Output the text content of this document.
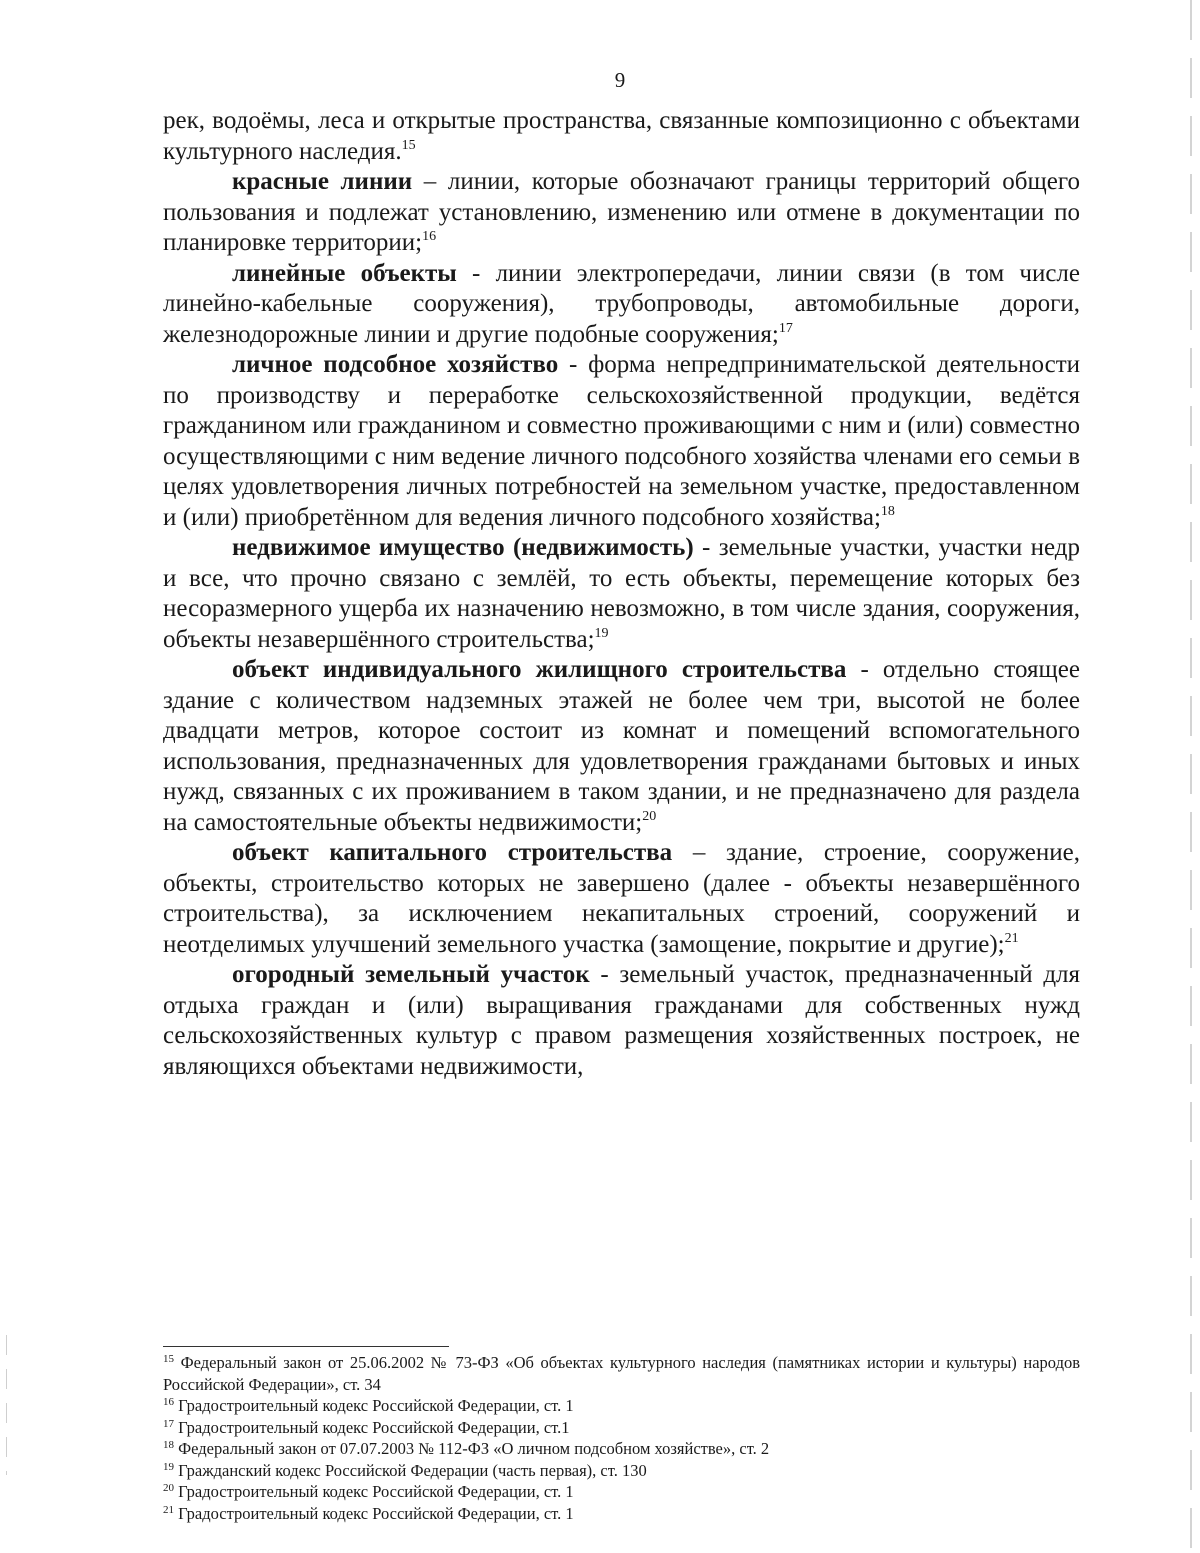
9

рек, водоёмы, леса и открытые пространства, связанные композиционно с объектами культурного наследия.$^{15}$

красные линии – линии, которые обозначают границы территорий общего пользования и подлежат установлению, изменению или отмене в документации по планировке территории;$^{16}$

линейные объекты - линии электропередачи, линии связи (в том числе линейно-кабельные сооружения), трубопроводы, автомобильные дороги, железнодорожные линии и другие подобные сооружения;$^{17}$

личное подсобное хозяйство - форма непредпринимательской деятельности по производству и переработке сельскохозяйственной продукции, ведётся гражданином или гражданином и совместно проживающими с ним и (или) совместно осуществляющими с ним ведение личного подсобного хозяйства членами его семьи в целях удовлетворения личных потребностей на земельном участке, предоставленном и (или) приобретённом для ведения личного подсобного хозяйства;$^{18}$

недвижимое имущество (недвижимость) - земельные участки, участки недр и все, что прочно связано с землёй, то есть объекты, перемещение которых без несоразмерного ущерба их назначению невозможно, в том числе здания, сооружения, объекты незавершённого строительства;$^{19}$

объект индивидуального жилищного строительства - отдельно стоящее здание с количеством надземных этажей не более чем три, высотой не более двадцати метров, которое состоит из комнат и помещений вспомогательного использования, предназначенных для удовлетворения гражданами бытовых и иных нужд, связанных с их проживанием в таком здании, и не предназначено для раздела на самостоятельные объекты недвижимости;$^{20}$

объект капитального строительства – здание, строение, сооружение, объекты, строительство которых не завершено (далее - объекты незавершённого строительства), за исключением некапитальных строений, сооружений и неотделимых улучшений земельного участка (замощение, покрытие и другие);$^{21}$

огородный земельный участок - земельный участок, предназначенный для отдыха граждан и (или) выращивания гражданами для собственных нужд сельскохозяйственных культур с правом размещения хозяйственных построек, не являющихся объектами недвижимости,

$^{15}$ Федеральный закон от 25.06.2002 № 73-ФЗ «Об объектах культурного наследия (памятниках истории и культуры) народов Российской Федерации», ст. 34

$^{16}$ Градостроительный кодекс Российской Федерации, ст. 1

$^{17}$ Градостроительный кодекс Российской Федерации, ст.1

$^{18}$ Федеральный закон от 07.07.2003 № 112-ФЗ «О личном подсобном хозяйстве», ст. 2

$^{19}$ Гражданский кодекс Российской Федерации (часть первая), ст. 130

$^{20}$ Градостроительный кодекс Российской Федерации, ст. 1

$^{21}$ Градостроительный кодекс Российской Федерации, ст. 1
